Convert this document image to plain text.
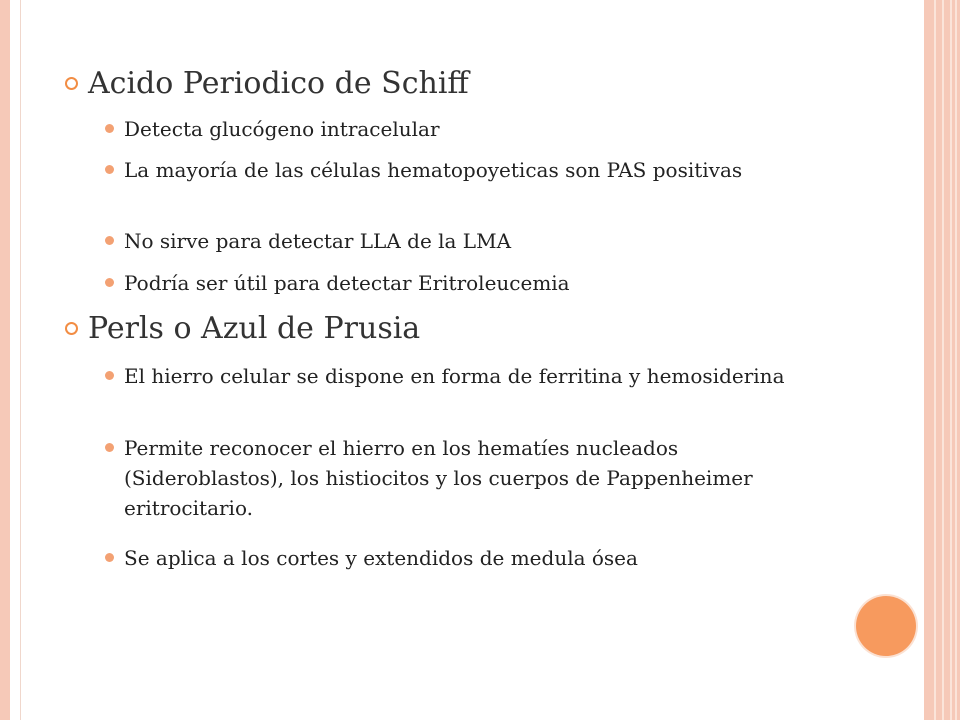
Acido Periodico de Schiff
Detecta glucógeno intracelular
La mayoría de las células hematopoyeticas son PAS positivas
No sirve para detectar LLA de la LMA
Podría ser útil para detectar Eritroleucemia
Perls o Azul de Prusia
El hierro celular se dispone en forma de ferritina y hemosiderina
Permite reconocer el hierro en los hematíes nucleados (Sideroblastos), los histiocitos y los cuerpos de Pappenheimer eritrocitario.
Se aplica a los cortes y extendidos de medula ósea
